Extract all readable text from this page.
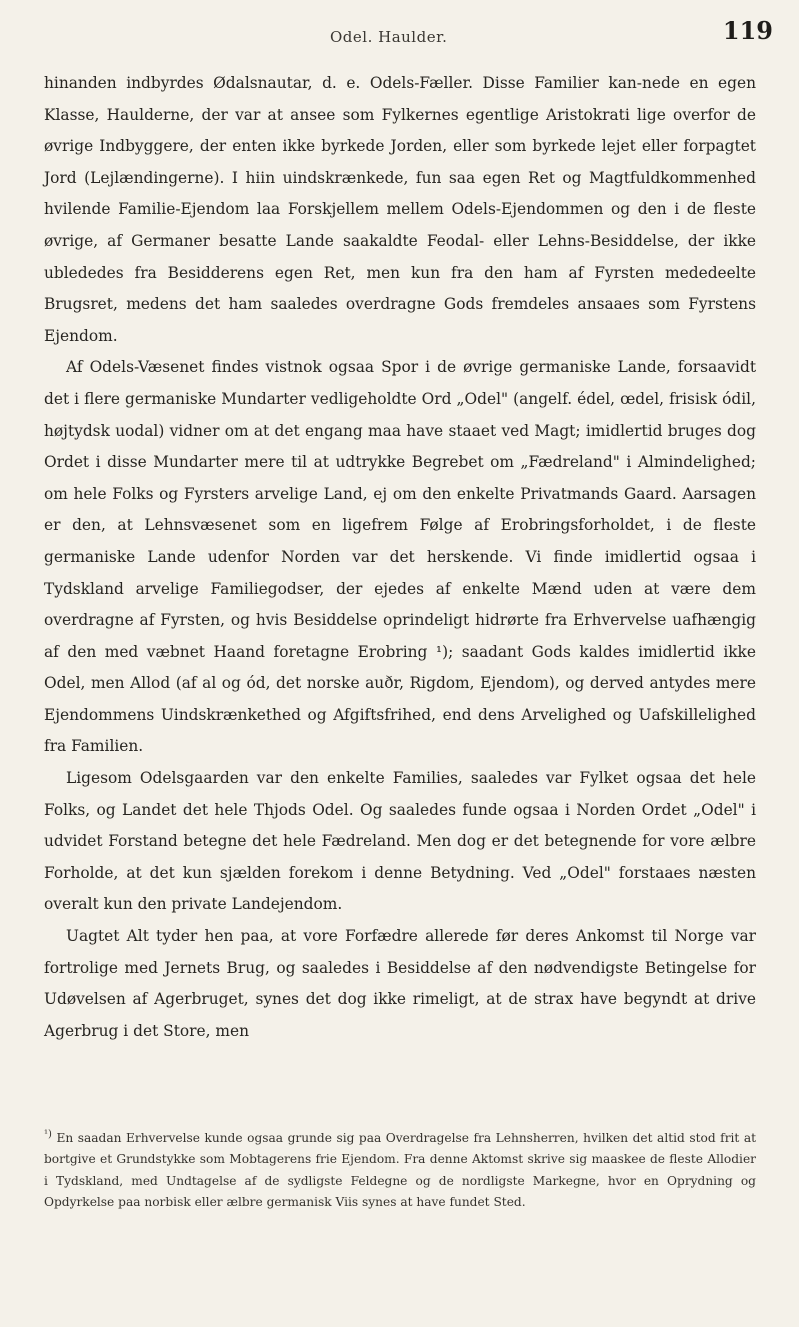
Odel. Haulder.	119

hinanden indbyrdes Ødalsnautar, d. e. Odels-Fæller. Disse Familier kan-nede en egen Klasse, Haulderne, der var at ansee som Fylkernes egentlige Aristokrati lige overfor de øvrige Indbyggere, der enten ikke byrkede Jorden, eller som byrkede lejet eller forpagtet Jord (Lejlændingerne). I hiin uindskrænkede, fun saa egen Ret og Magtfuldkommenhed hvilende Familie-Ejendom laa Forskjellem mellem Odels-Ejendommen og den i de fleste øvrige, af Germaner besatte Lande saakaldte Feodal- eller Lehns-Besiddelse, der ikke ublededes fra Besidderens egen Ret, men kun fra den ham af Fyrsten mededeelte Brugsret, medens det ham saaledes overdragne Gods fremdeles ansaaes som Fyrstens Ejendom.

Af Odels-Væsenet findes vistnok ogsaa Spor i de øvrige germaniske Lande, forsaavidt det i flere germaniske Mundarter vedligeholdte Ord „Odel" (angelf. édel, œdel, frisisk ódil, højtydsk uodal) vidner om at det engang maa have staaet ved Magt; imidlertid bruges dog Ordet i disse Mundarter mere til at udtrykke Begrebet om „Fædreland" i Almindelighed; om hele Folks og Fyrsters arvelige Land, ej om den enkelte Privatmands Gaard. Aarsagen er den, at Lehnsvæsenet som en ligefrem Følge af Erobringsforholdet, i de fleste germaniske Lande udenfor Norden var det herskende. Vi finde imidlertid ogsaa i Tydskland arvelige Familiegodser, der ejedes af enkelte Mænd uden at være dem overdragne af Fyrsten, og hvis Besiddelse oprindeligt hidrørte fra Erhvervelse uafhængig af den med væbnet Haand foretagne Erobring ¹); saadant Gods kaldes imidlertid ikke Odel, men Allod (af al og ód, det norske auðr, Rigdom, Ejendom), og derved antydes mere Ejendommens Uindskrænkethed og Afgiftsfrihed, end dens Arvelighed og Uafskillelighed fra Familien.

Ligesom Odelsgaarden var den enkelte Families, saaledes var Fylket ogsaa det hele Folks, og Landet det hele Thjods Odel. Og saaledes funde ogsaa i Norden Ordet „Odel" i udvidet Forstand betegne det hele Fædreland. Men dog er det betegnende for vore ælbre Forholde, at det kun sjælden forekom i denne Betydning. Ved „Odel" forstaaes næsten overalt kun den private Landejendom.

Uagtet Alt tyder hen paa, at vore Forfædre allerede før deres Ankomst til Norge var fortrolige med Jernets Brug, og saaledes i Besiddelse af den nødvendigste Betingelse for Udøvelsen af Agerbruget, synes det dog ikke rimeligt, at de strax have begyndt at drive Agerbrug i det Store, men

$^{^1)}$ En saadan Erhvervelse kunde ogsaa grunde sig paa Overdragelse fra Lehnsherren, hvilken det altid stod frit at bortgive et Grundstykke som Mobtagerens frie Ejendom. Fra denne Aktomst skrive sig maaskee de fleste Allodier i Tydskland, med Undtagelse af de sydligste Feldegne og de nordligste Markegne, hvor en Oprydning og Opdyrkelse paa norbisk eller ælbre germanisk Viis synes at have fundet Sted.
